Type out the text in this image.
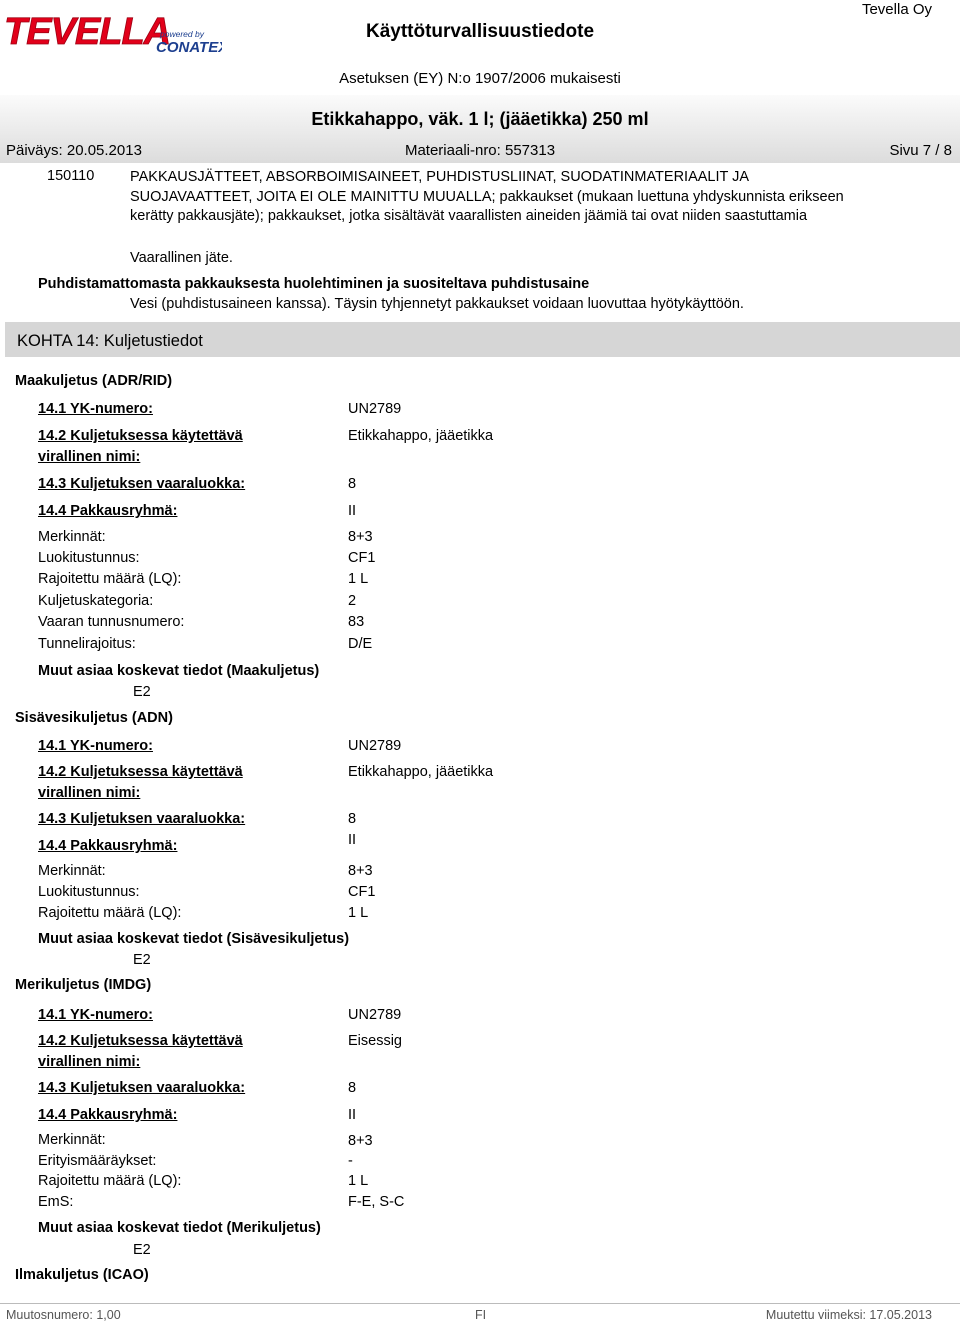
TEVELLA
powered by
CONATEX
Käyttöturvallisuustiedote
Tevella Oy
Asetuksen (EY) N:o 1907/2006 mukaisesti
Etikkahappo, väk. 1 l; (jääetikka) 250 ml
Päiväys: 20.05.2013	Materiaali-nro: 557313	Sivu 7 / 8
150110 PAKKAUSJÄTTEET, ABSORBOIMISAINEET, PUHDISTUSLIINAT, SUODATINMATERIAALIT JA SUOJAVAATTEET, JOITA EI OLE MAINITTU MUUALLA; pakkaukset (mukaan luettuna yhdyskunnista erikseen kerätty pakkausjäte); pakkaukset, jotka sisältävät vaarallisten aineiden jäämiä tai ovat niiden saastuttamia
Vaarallinen jäte.
Puhdistamattomasta pakkauksesta huolehtiminen ja suositeltava puhdistusaine
Vesi (puhdistusaineen kanssa). Täysin tyhjennetyt pakkaukset voidaan luovuttaa hyötykäyttöön.
KOHTA 14: Kuljetustiedot
Maakuljetus (ADR/RID)
14.1 YK-numero:	UN2789
14.2 Kuljetuksessa käytettävä
virallinen nimi:
Etikkahappo, jääetikka
14.3 Kuljetuksen vaaraluokka:	8
14.4 Pakkausryhmä:	II
Merkinnät:	8+3
Luokitustunnus:	CF1
Rajoitettu määrä (LQ):	1 L
Kuljetuskategoria:	2
Vaaran tunnusnumero:	83
Tunnelirajoitus:	D/E
Muut asiaa koskevat tiedot (Maakuljetus)
E2
Sisävesikuljetus (ADN)
14.1 YK-numero:	UN2789
14.2 Kuljetuksessa käytettävä
virallinen nimi:
Etikkahappo, jääetikka
14.3 Kuljetuksen vaaraluokka:	8
14.4 Pakkausryhmä:	II
Merkinnät:	8+3
Luokitustunnus:	CF1
Rajoitettu määrä (LQ):	1 L
Muut asiaa koskevat tiedot (Sisävesikuljetus)
E2
Merikuljetus (IMDG)
14.1 YK-numero:	UN2789
14.2 Kuljetuksessa käytettävä
virallinen nimi:
Eisessig
14.3 Kuljetuksen vaaraluokka:	8
14.4 Pakkausryhmä:	II
Merkinnät:	8+3
Erityismääräykset:	-
Rajoitettu määrä (LQ):	1 L
EmS:	F-E, S-C
Muut asiaa koskevat tiedot (Merikuljetus)
E2
Ilmakuljetus (ICAO)
Muutosnumero: 1,00	FI	Muutettu viimeksi: 17.05.2013
